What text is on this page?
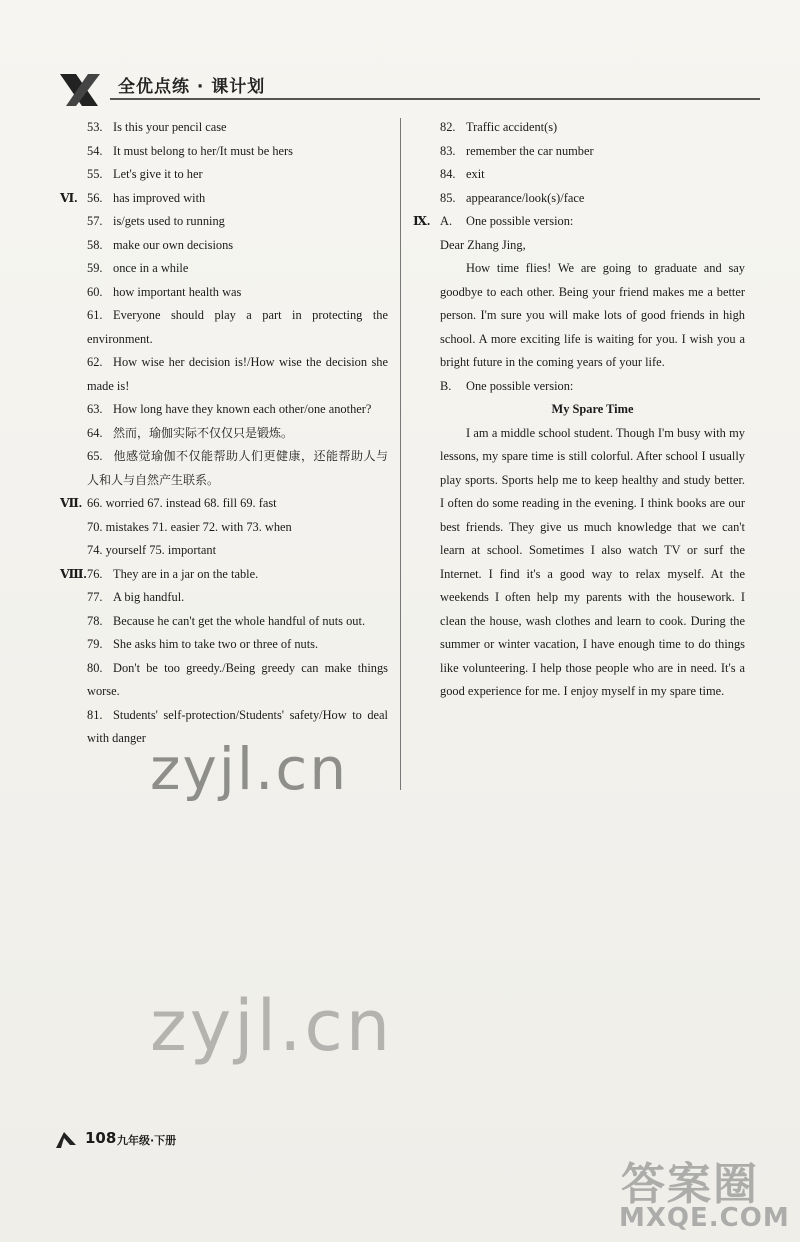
全优点练 · 课计划
53. Is this your pencil case
54. It must belong to her/It must be hers
55. Let's give it to her
Ⅵ. 56. has improved with
57. is/gets used to running
58. make our own decisions
59. once in a while
60. how important health was
61. Everyone should play a part in protecting the environment.
62. How wise her decision is!/How wise the decision she made is!
63. How long have they known each other/one another?
64. 然而，瑜伽实际不仅仅只是锻炼。
65. 他感觉瑜伽不仅能帮助人们更健康，还能帮助人与人和人与自然产生联系。
Ⅶ. 66. worried 67. instead 68. fill 69. fast
70. mistakes 71. easier 72. with 73. when
74. yourself 75. important
Ⅷ. 76. They are in a jar on the table.
77. A big handful.
78. Because he can't get the whole handful of nuts out.
79. She asks him to take two or three of nuts.
80. Don't be too greedy./Being greedy can make things worse.
81. Students' self-protection/Students' safety/How to deal with danger
82. Traffic accident(s)
83. remember the car number
84. exit
85. appearance/look(s)/face
Ⅸ. A. One possible version:
Dear Zhang Jing,

How time flies! We are going to graduate and say goodbye to each other. Being your friend makes me a better person. I'm sure you will make lots of good friends in high school. A more exciting life is waiting for you. I wish you a bright future in the coming years of your life.

B. One possible version:
My Spare Time

I am a middle school student. Though I'm busy with my lessons, my spare time is still colorful. After school I usually play sports. Sports help me to keep healthy and study better. I often do some reading in the evening. I think books are our best friends. They give us much knowledge that we can't learn at school. Sometimes I also watch TV or surf the Internet. I find it's a good way to relax myself. At the weekends I often help my parents with the housework. I clean the house, wash clothes and learn to cook. During the summer or winter vacation, I have enough time to do things like volunteering. I help those people who are in need. It's a good experience for me. I enjoy myself in my spare time.

zyjl.cn
zyjl.cn
108 九年级·下册
答案圈
MXQE.COM
